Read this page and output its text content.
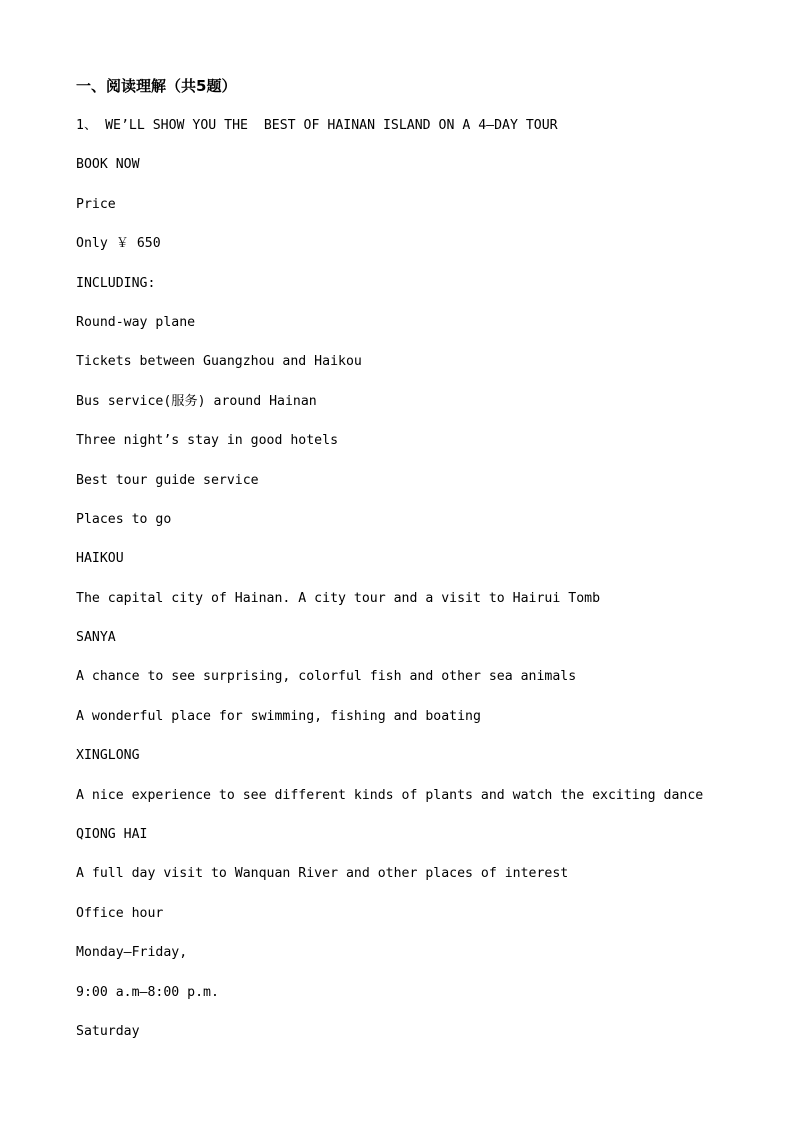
一、阅读理解（共5题）
1、 WE’LL SHOW YOU THE  BEST OF HAINAN ISLAND ON A 4—DAY TOUR
BOOK NOW
Price
Only ￥ 650
INCLUDING:
Round-way plane
Tickets between Guangzhou and Haikou
Bus service(服务) around Hainan
Three night’s stay in good hotels
Best tour guide service
Places to go
HAIKOU
The capital city of Hainan. A city tour and a visit to Hairui Tomb
SANYA
A chance to see surprising, colorful fish and other sea animals
A wonderful place for swimming, fishing and boating
XINGLONG
A nice experience to see different kinds of plants and watch the exciting dance
QIONG HAI
A full day visit to Wanquan River and other places of interest
Office hour
Monday—Friday,
9:00 a.m—8:00 p.m.
Saturday
